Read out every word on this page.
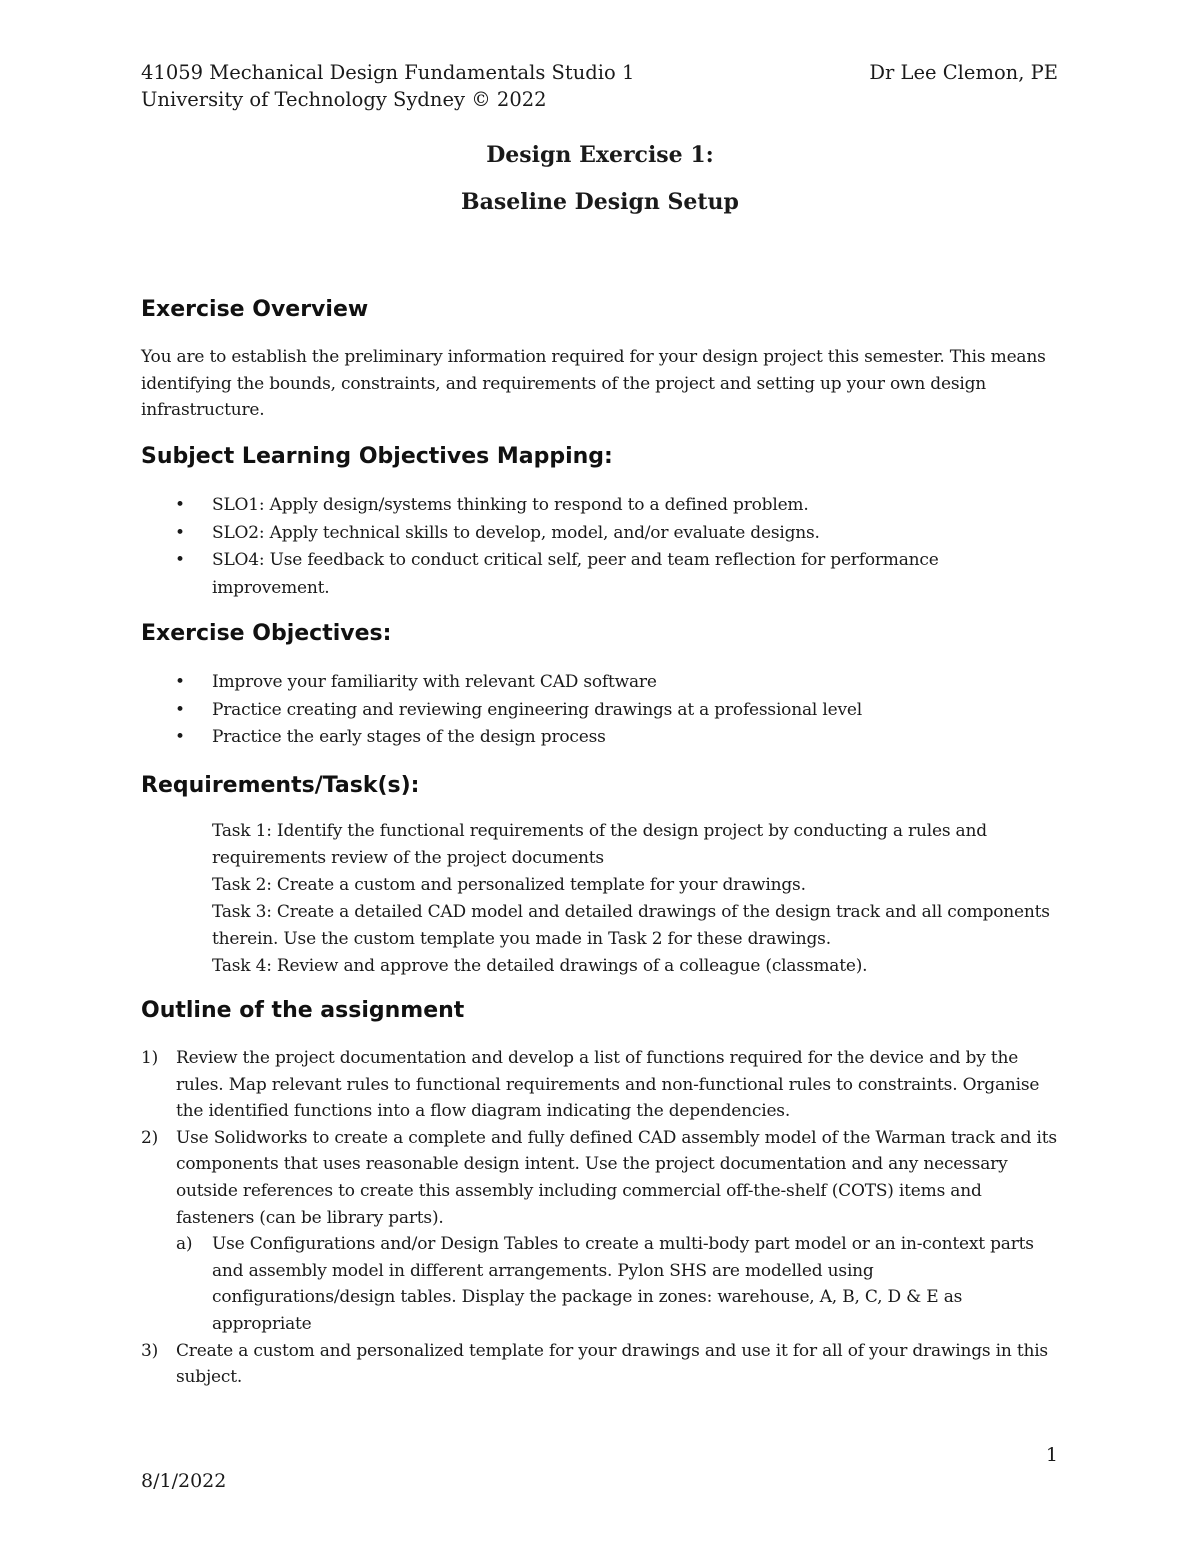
41059 Mechanical Design Fundamentals Studio 1
University of Technology Sydney © 2022
Dr Lee Clemon, PE
Design Exercise 1:
Baseline Design Setup
Exercise Overview
You are to establish the preliminary information required for your design project this semester. This means identifying the bounds, constraints, and requirements of the project and setting up your own design infrastructure.
Subject Learning Objectives Mapping:
• SLO1: Apply design/systems thinking to respond to a defined problem.
• SLO2: Apply technical skills to develop, model, and/or evaluate designs.
• SLO4: Use feedback to conduct critical self, peer and team reflection for performance improvement.
Exercise Objectives:
• Improve your familiarity with relevant CAD software
• Practice creating and reviewing engineering drawings at a professional level
• Practice the early stages of the design process
Requirements/Task(s):
Task 1: Identify the functional requirements of the design project by conducting a rules and requirements review of the project documents
Task 2: Create a custom and personalized template for your drawings.
Task 3: Create a detailed CAD model and detailed drawings of the design track and all components therein. Use the custom template you made in Task 2 for these drawings.
Task 4: Review and approve the detailed drawings of a colleague (classmate).
Outline of the assignment
1) Review the project documentation and develop a list of functions required for the device and by the rules. Map relevant rules to functional requirements and non-functional rules to constraints. Organise the identified functions into a flow diagram indicating the dependencies.
2) Use Solidworks to create a complete and fully defined CAD assembly model of the Warman track and its components that uses reasonable design intent. Use the project documentation and any necessary outside references to create this assembly including commercial off-the-shelf (COTS) items and fasteners (can be library parts).
a) Use Configurations and/or Design Tables to create a multi-body part model or an in-context parts and assembly model in different arrangements. Pylon SHS are modelled using configurations/design tables. Display the package in zones: warehouse, A, B, C, D & E as appropriate
3) Create a custom and personalized template for your drawings and use it for all of your drawings in this subject.
1
8/1/2022
